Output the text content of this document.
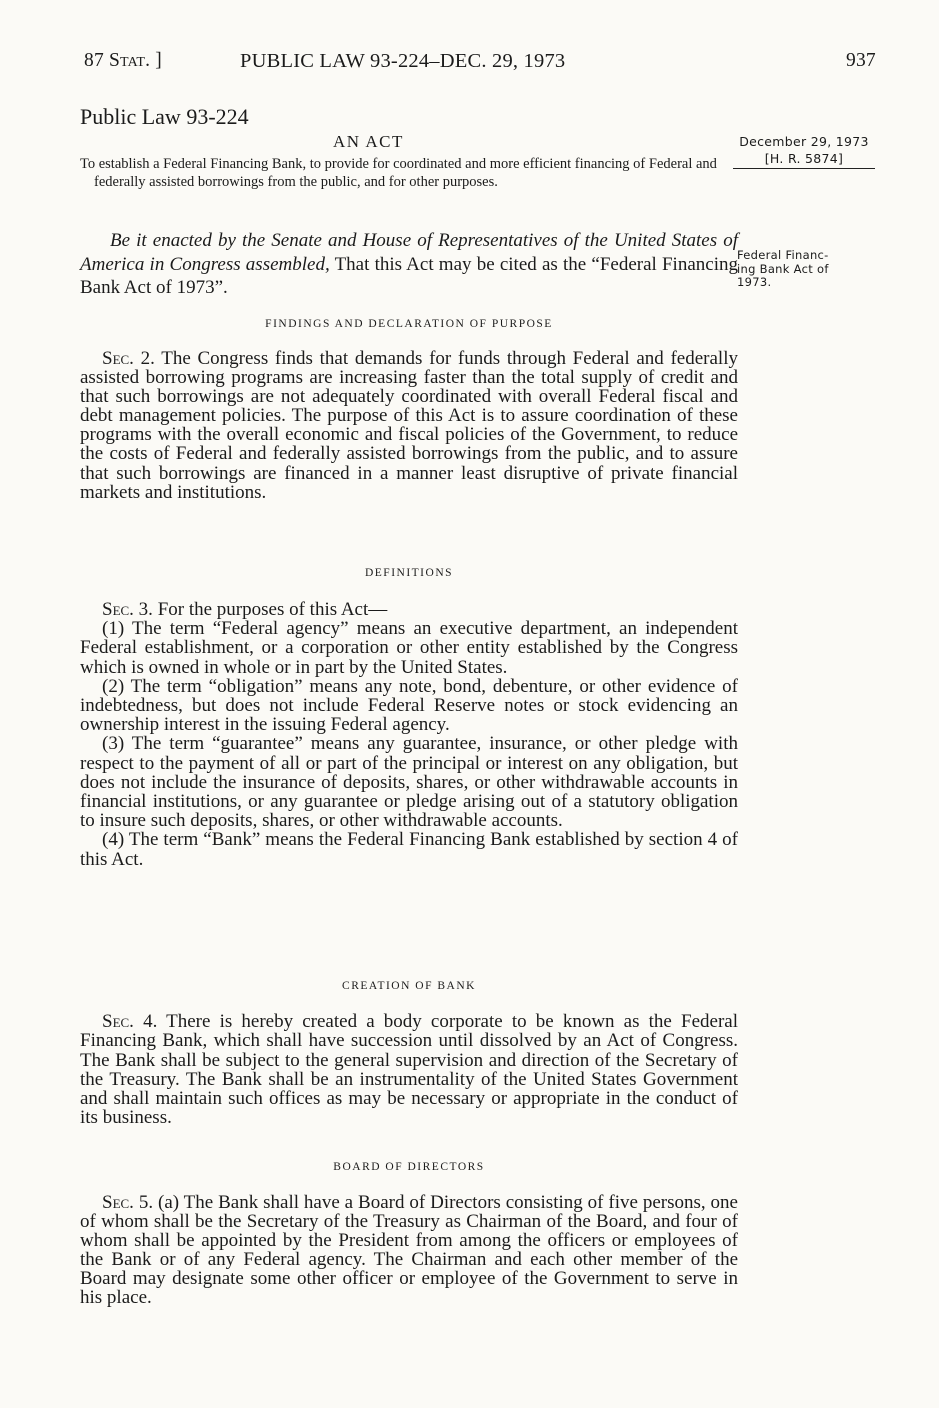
87 Stat. ]	PUBLIC LAW 93-224–DEC. 29, 1973	937
Public Law 93-224
AN ACT
To establish a Federal Financing Bank, to provide for coordinated and more efficient financing of Federal and federally assisted borrowings from the public, and for other purposes.
December 29, 1973
[H. R. 5874]
Federal Financ-
ing Bank Act of
1973.

Be it enacted by the Senate and House of Representatives of the United States of America in Congress assembled, That this Act may be cited as the “Federal Financing Bank Act of 1973”.

FINDINGS AND DECLARATION OF PURPOSE

Sec. 2. The Congress finds that demands for funds through Federal and federally assisted borrowing programs are increasing faster than the total supply of credit and that such borrowings are not adequately coordinated with overall Federal fiscal and debt management policies. The purpose of this Act is to assure coordination of these programs with the overall economic and fiscal policies of the Government, to reduce the costs of Federal and federally assisted borrowings from the public, and to assure that such borrowings are financed in a manner least disruptive of private financial markets and institutions.

DEFINITIONS

Sec. 3. For the purposes of this Act—

(1) The term “Federal agency” means an executive department, an independent Federal establishment, or a corporation or other entity established by the Congress which is owned in whole or in part by the United States.

(2) The term “obligation” means any note, bond, debenture, or other evidence of indebtedness, but does not include Federal Reserve notes or stock evidencing an ownership interest in the issuing Federal agency.

(3) The term “guarantee” means any guarantee, insurance, or other pledge with respect to the payment of all or part of the principal or interest on any obligation, but does not include the insurance of deposits, shares, or other withdrawable accounts in financial institutions, or any guarantee or pledge arising out of a statutory obligation to insure such deposits, shares, or other withdrawable accounts.

(4) The term “Bank” means the Federal Financing Bank established by section 4 of this Act.

CREATION OF BANK

Sec. 4. There is hereby created a body corporate to be known as the Federal Financing Bank, which shall have succession until dissolved by an Act of Congress. The Bank shall be subject to the general supervision and direction of the Secretary of the Treasury. The Bank shall be an instrumentality of the United States Government and shall maintain such offices as may be necessary or appropriate in the conduct of its business.

BOARD OF DIRECTORS

Sec. 5. (a) The Bank shall have a Board of Directors consisting of five persons, one of whom shall be the Secretary of the Treasury as Chairman of the Board, and four of whom shall be appointed by the President from among the officers or employees of the Bank or of any Federal agency. The Chairman and each other member of the Board may designate some other officer or employee of the Government to serve in his place.
